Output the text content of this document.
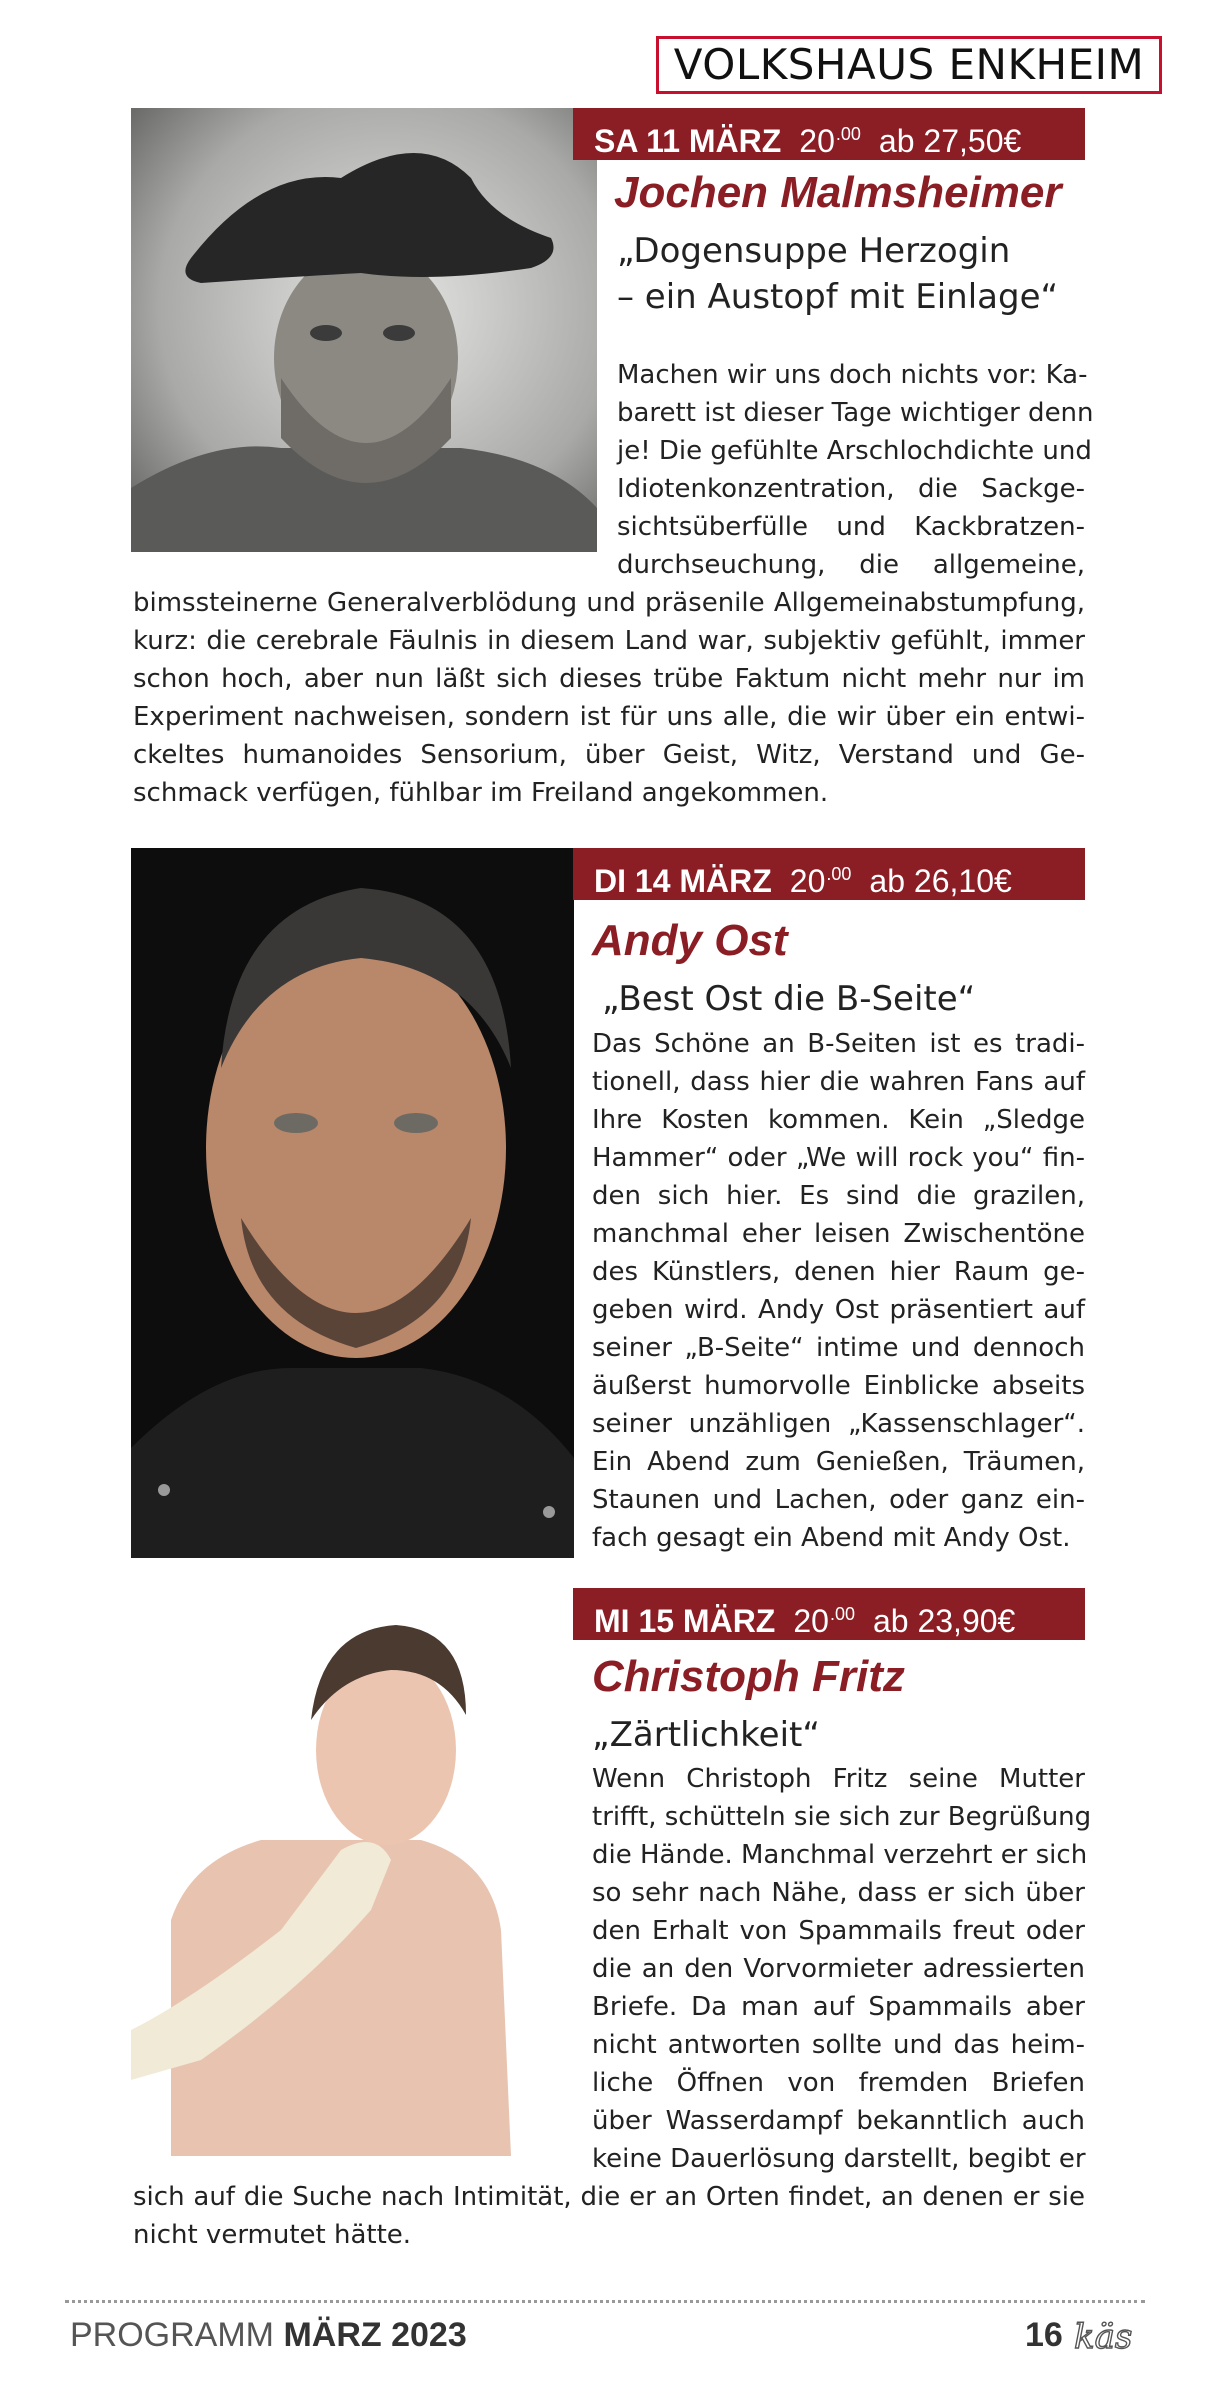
VOLKSHAUS ENKHEIM
SA 11 MÄRZ $20^{.00}$ ab 27,50€
Jochen Malmsheimer
„Dogensuppe Herzogin
– ein Austopf mit Einlage“
Machen wir uns doch nichts vor: Ka-
barett ist dieser Tage wichtiger denn
je! Die gefühlte Arschlochdichte und
Idiotenkonzentration, die Sackge-
sichtsüberfülle und Kackbratzen-
durchseuchung, die allgemeine,
bimssteinerne Generalverblödung und präsenile Allgemeinabstumpfung,
kurz: die cerebrale Fäulnis in diesem Land war, subjektiv gefühlt, immer
schon hoch, aber nun läßt sich dieses trübe Faktum nicht mehr nur im
Experiment nachweisen, sondern ist für uns alle, die wir über ein entwi-
ckeltes humanoides Sensorium, über Geist, Witz, Verstand und Ge-
schmack verfügen, fühlbar im Freiland angekommen.
DI 14 MÄRZ $20^{.00}$ ab 26,10€
Andy Ost
„Best Ost die B-Seite“
Das Schöne an B-Seiten ist es tradi-
tionell, dass hier die wahren Fans auf
Ihre Kosten kommen. Kein „Sledge
Hammer“ oder „We will rock you“ fin-
den sich hier. Es sind die grazilen,
manchmal eher leisen Zwischentöne
des Künstlers, denen hier Raum ge-
geben wird. Andy Ost präsentiert auf
seiner „B-Seite“ intime und dennoch
äußerst humorvolle Einblicke abseits
seiner unzähligen „Kassenschlager“.
Ein Abend zum Genießen, Träumen,
Staunen und Lachen, oder ganz ein-
fach gesagt ein Abend mit Andy Ost.
MI 15 MÄRZ $20^{.00}$ ab 23,90€
Christoph Fritz
„Zärtlichkeit“
Wenn Christoph Fritz seine Mutter
trifft, schütteln sie sich zur Begrüßung
die Hände. Manchmal verzehrt er sich
so sehr nach Nähe, dass er sich über
den Erhalt von Spammails freut oder
die an den Vorvormieter adressierten
Briefe. Da man auf Spammails aber
nicht antworten sollte und das heim-
liche Öffnen von fremden Briefen
über Wasserdampf bekanntlich auch
keine Dauerlösung darstellt, begibt er
sich auf die Suche nach Intimität, die er an Orten findet, an denen er sie
nicht vermutet hätte.
PROGRAMM MÄRZ 2023	16 käs
